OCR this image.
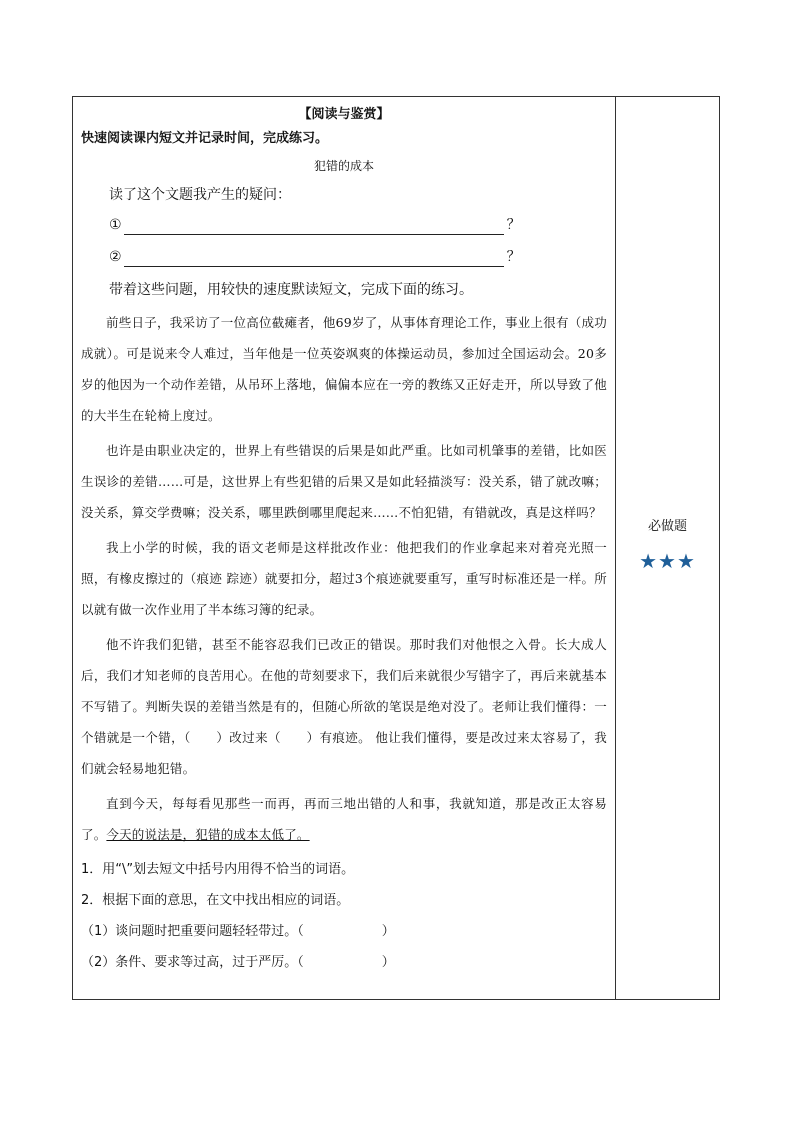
【阅读与鉴赏】
快速阅读课内短文并记录时间，完成练习。
犯错的成本
读了这个文题我产生的疑问：
①	？
②	？
带着这些问题，用较快的速度默读短文，完成下面的练习。

前些日子，我采访了一位高位截瘫者，他69岁了，从事体育理论工作，事业上很有（成功成就）。可是说来令人难过，当年他是一位英姿飒爽的体操运动员，参加过全国运动会。20多岁的他因为一个动作差错，从吊环上落地，偏偏本应在一旁的教练又正好走开，所以导致了他的大半生在轮椅上度过。

也许是由职业决定的，世界上有些错误的后果是如此严重。比如司机肇事的差错，比如医生误诊的差错……可是，这世界上有些犯错的后果又是如此轻描淡写：没关系，错了就改嘛；没关系，算交学费嘛；没关系，哪里跌倒哪里爬起来……不怕犯错，有错就改，真是这样吗？

我上小学的时候，我的语文老师是这样批改作业：他把我们的作业拿起来对着亮光照一照，有橡皮擦过的（痕迹 踪迹）就要扣分，超过3个痕迹就要重写，重写时标准还是一样。所以就有做一次作业用了半本练习簿的纪录。

他不许我们犯错，甚至不能容忍我们已改正的错误。那时我们对他恨之入骨。长大成人后，我们才知老师的良苦用心。在他的苛刻要求下，我们后来就很少写错字了，再后来就基本不写错了。判断失误的差错当然是有的，但随心所欲的笔误是绝对没了。老师让我们懂得：一个错就是一个错，（　　）改过来（　　）有痕迹。 他让我们懂得，要是改过来太容易了，我们就会轻易地犯错。

直到今天，每每看见那些一而再，再而三地出错的人和事，我就知道，那是改正太容易了。今天的说法是，犯错的成本太低了。

1．用“\”划去短文中括号内用得不恰当的词语。
2．根据下面的意思，在文中找出相应的词语。
（1）谈问题时把重要问题轻轻带过。（　　　　　　）
（2）条件、要求等过高，过于严厉。（　　　　　　）
必做题
★★★
